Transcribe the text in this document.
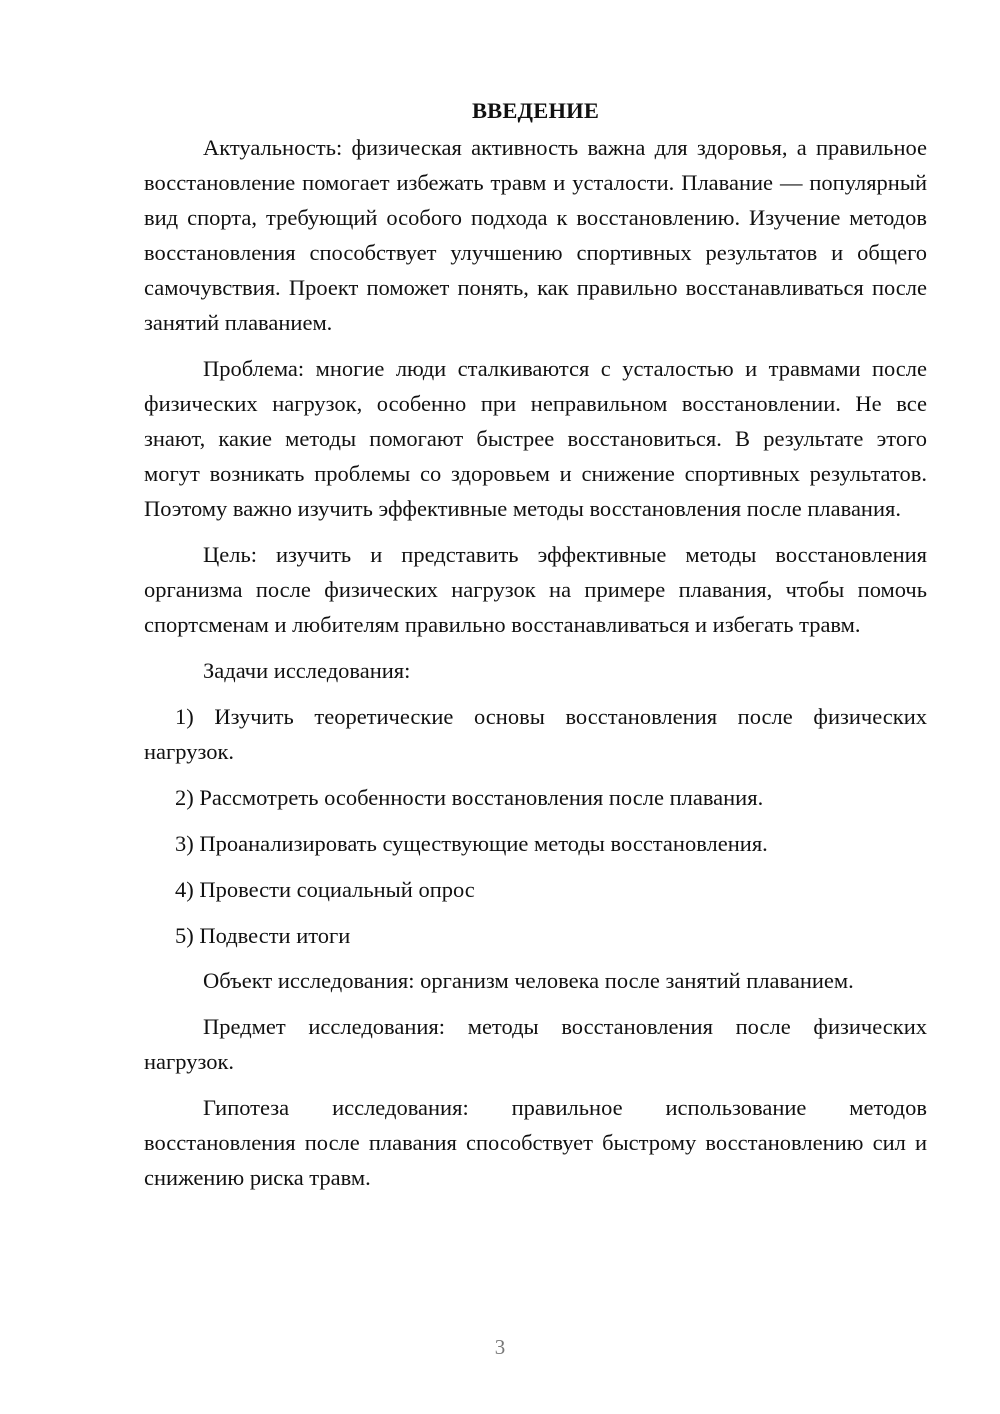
ВВЕДЕНИЕ

Актуальность: физическая активность важна для здоровья, а правильное восстановление помогает избежать травм и усталости. Плавание — популярный вид спорта, требующий особого подхода к восстановлению. Изучение методов восстановления способствует улучшению спортивных результатов и общего самочувствия. Проект поможет понять, как правильно восстанавливаться после занятий плаванием.

Проблема: многие люди сталкиваются с усталостью и травмами после физических нагрузок, особенно при неправильном восстановлении. Не все знают, какие методы помогают быстрее восстановиться. В результате этого могут возникать проблемы со здоровьем и снижение спортивных результатов. Поэтому важно изучить эффективные методы восстановления после плавания.

Цель: изучить и представить эффективные методы восстановления организма после физических нагрузок на примере плавания, чтобы помочь спортсменам и любителям правильно восстанавливаться и избегать травм.

Задачи исследования:

1) Изучить теоретические основы восстановления после физических нагрузок.

2) Рассмотреть особенности восстановления после плавания.

3) Проанализировать существующие методы восстановления.

4) Провести социальный опрос

5) Подвести итоги

Объект исследования: организм человека после занятий плаванием.

Предмет исследования: методы восстановления после физических нагрузок.

Гипотеза исследования: правильное использование методов восстановления после плавания способствует быстрому восстановлению сил и снижению риска травм.

3
